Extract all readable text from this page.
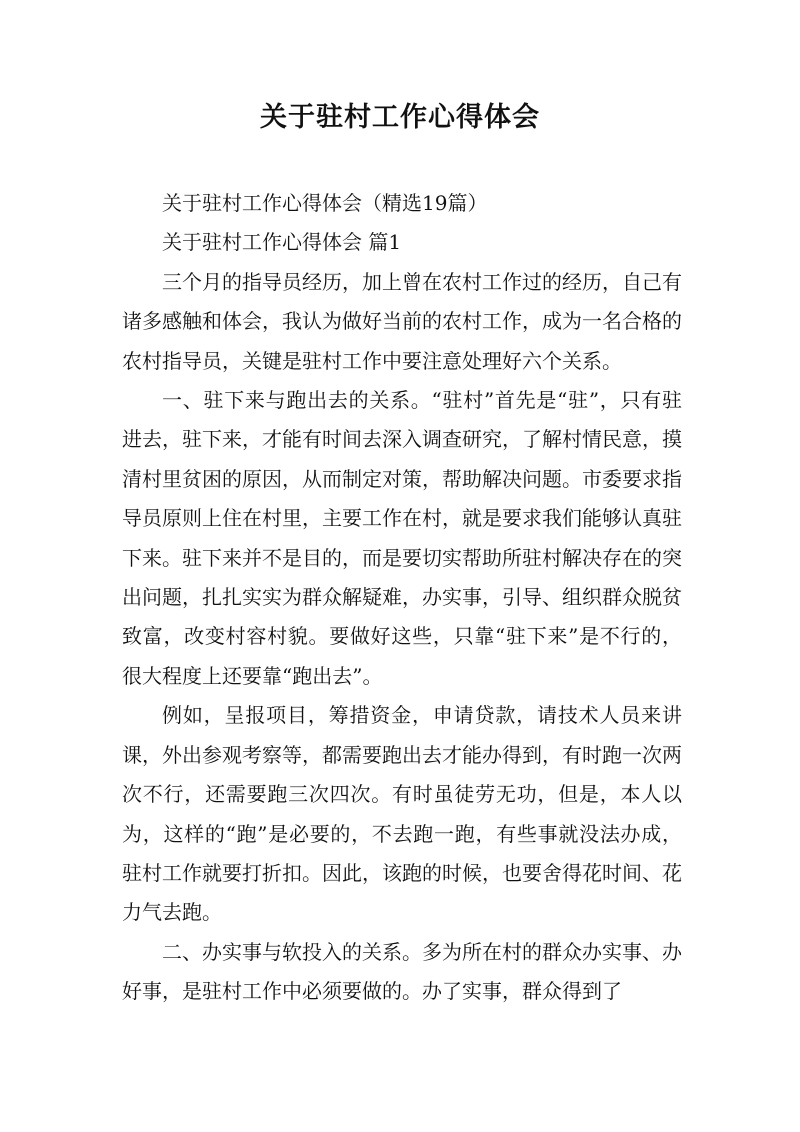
关于驻村工作心得体会

关于驻村工作心得体会（精选19篇）

关于驻村工作心得体会 篇1

三个月的指导员经历，加上曾在农村工作过的经历，自己有诸多感触和体会，我认为做好当前的农村工作，成为一名合格的农村指导员，关键是驻村工作中要注意处理好六个关系。

一、驻下来与跑出去的关系。“驻村”首先是“驻”，只有驻进去，驻下来，才能有时间去深入调查研究，了解村情民意，摸清村里贫困的原因，从而制定对策，帮助解决问题。市委要求指导员原则上住在村里，主要工作在村，就是要求我们能够认真驻下来。驻下来并不是目的，而是要切实帮助所驻村解决存在的突出问题，扎扎实实为群众解疑难，办实事，引导、组织群众脱贫致富，改变村容村貌。要做好这些，只靠“驻下来”是不行的，很大程度上还要靠“跑出去”。

例如，呈报项目，筹措资金，申请贷款，请技术人员来讲课，外出参观考察等，都需要跑出去才能办得到，有时跑一次两次不行，还需要跑三次四次。有时虽徒劳无功，但是，本人以为，这样的“跑”是必要的，不去跑一跑，有些事就没法办成，驻村工作就要打折扣。因此，该跑的时候，也要舍得花时间、花力气去跑。

二、办实事与软投入的关系。多为所在村的群众办实事、办好事，是驻村工作中必须要做的。办了实事，群众得到了
